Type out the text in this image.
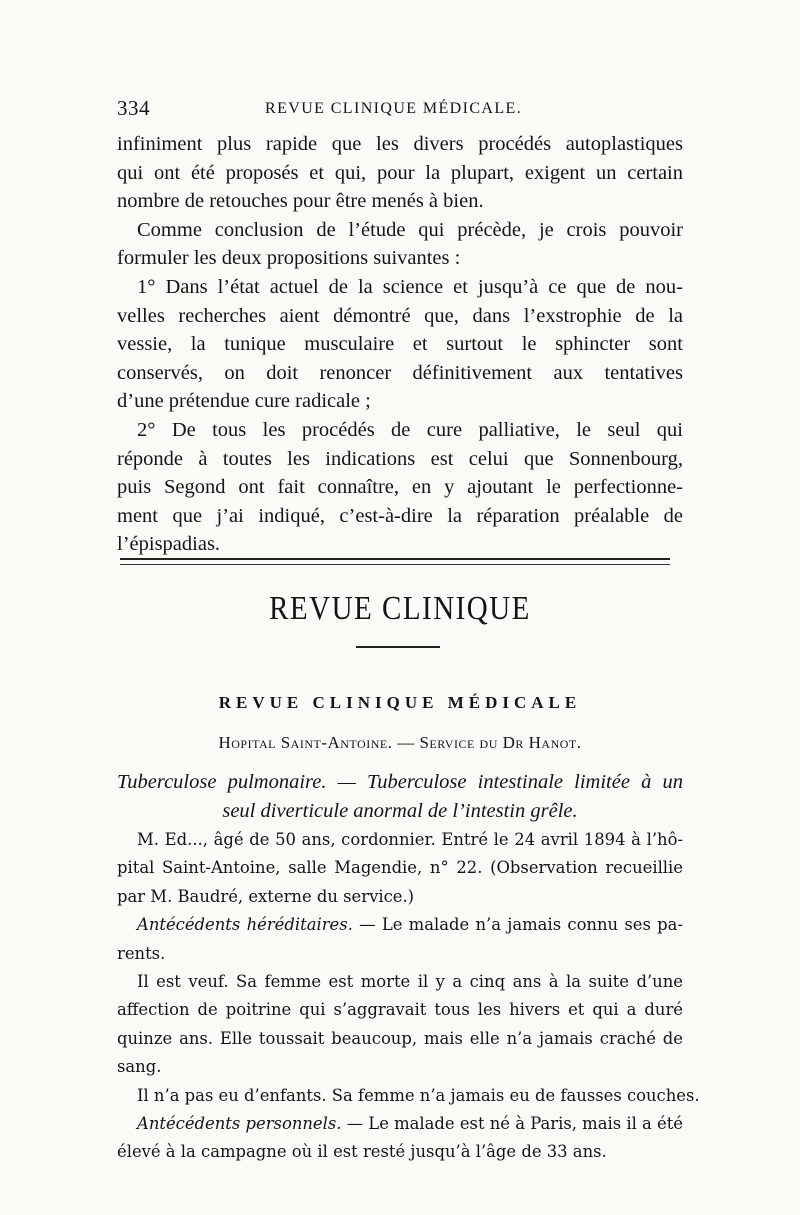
334	REVUE CLINIQUE MÉDICALE.
infiniment plus rapide que les divers procédés autoplastiques
qui ont été proposés et qui, pour la plupart, exigent un certain
nombre de retouches pour être menés à bien.
Comme conclusion de l’étude qui précède, je crois pouvoir
formuler les deux propositions suivantes :
1° Dans l’état actuel de la science et jusqu’à ce que de nou-
velles recherches aient démontré que, dans l’exstrophie de la
vessie, la tunique musculaire et surtout le sphincter sont
conservés, on doit renoncer définitivement aux tentatives
d’une prétendue cure radicale ;
2° De tous les procédés de cure palliative, le seul qui
réponde à toutes les indications est celui que Sonnenbourg,
puis Segond ont fait connaître, en y ajoutant le perfectionne-
ment que j’ai indiqué, c’est-à-dire la réparation préalable de
l’épispadias.
REVUE CLINIQUE
REVUE CLINIQUE MÉDICALE
Hopital Saint-Antoine. — Service du Dr Hanot.
Tuberculose pulmonaire. — Tuberculose intestinale limitée à un
seul diverticule anormal de l’intestin grêle.
M. Ed..., âgé de 50 ans, cordonnier. Entré le 24 avril 1894 à l’hô-
pital Saint-Antoine, salle Magendie, n° 22. (Observation recueillie
par M. Baudré, externe du service.)
Antécédents héréditaires. — Le malade n’a jamais connu ses pa-
rents.
Il est veuf. Sa femme est morte il y a cinq ans à la suite d’une
affection de poitrine qui s’aggravait tous les hivers et qui a duré
quinze ans. Elle toussait beaucoup, mais elle n’a jamais craché de
sang.
Il n’a pas eu d’enfants. Sa femme n’a jamais eu de fausses couches.
Antécédents personnels. — Le malade est né à Paris, mais il a été
élevé à la campagne où il est resté jusqu’à l’âge de 33 ans.
